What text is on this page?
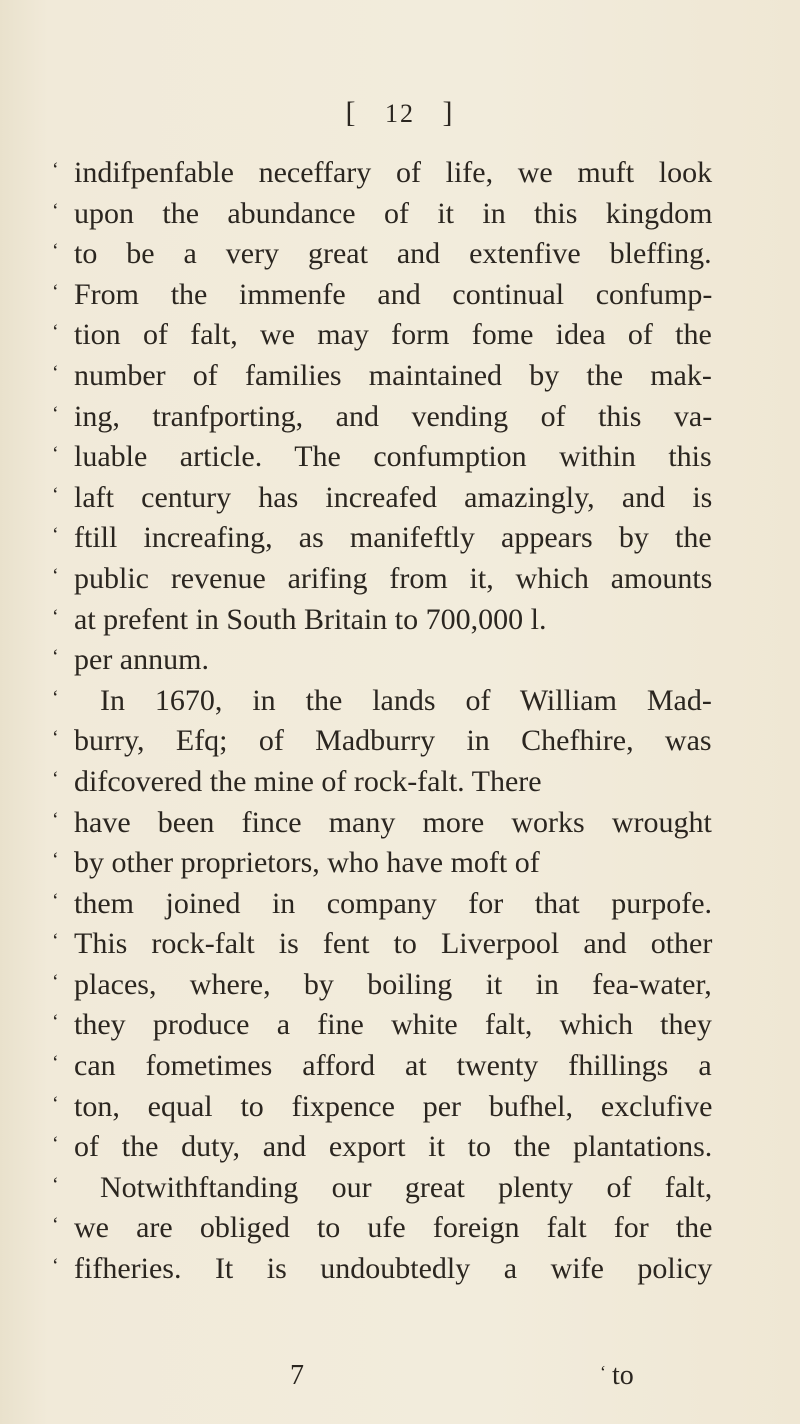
[ 12 ]
‘ indifpenfable neceffary of life, we muft look
‘ upon the abundance of it in this kingdom
‘ to be a very great and extenfive bleffing.
‘ From the immenfe and continual confump-
‘ tion of falt, we may form fome idea of the
‘ number of families maintained by the mak-
‘ ing, tranfporting, and vending of this va-
‘ luable article. The confumption within this
‘ laft century has increafed amazingly, and is
‘ ftill increafing, as manifeftly appears by the
‘ public revenue arifing from it, which amounts
‘ at prefent in South Britain to 700,000 l.
‘ per annum.
‘ In 1670, in the lands of William Mad-
‘ burry, Efq; of Madburry in Chefhire, was
‘ difcovered the mine of rock-falt. There
‘ have been fince many more works wrought
‘ by other proprietors, who have moft of
‘ them joined in company for that purpofe.
‘ This rock-falt is fent to Liverpool and other
‘ places, where, by boiling it in fea-water,
‘ they produce a fine white falt, which they
‘ can fometimes afford at twenty fhillings a
‘ ton, equal to fixpence per bufhel, exclufive
‘ of the duty, and export it to the plantations.
‘ Notwithftanding our great plenty of falt,
‘ we are obliged to ufe foreign falt for the
‘ fifheries. It is undoubtedly a wife policy
7	‘ to
